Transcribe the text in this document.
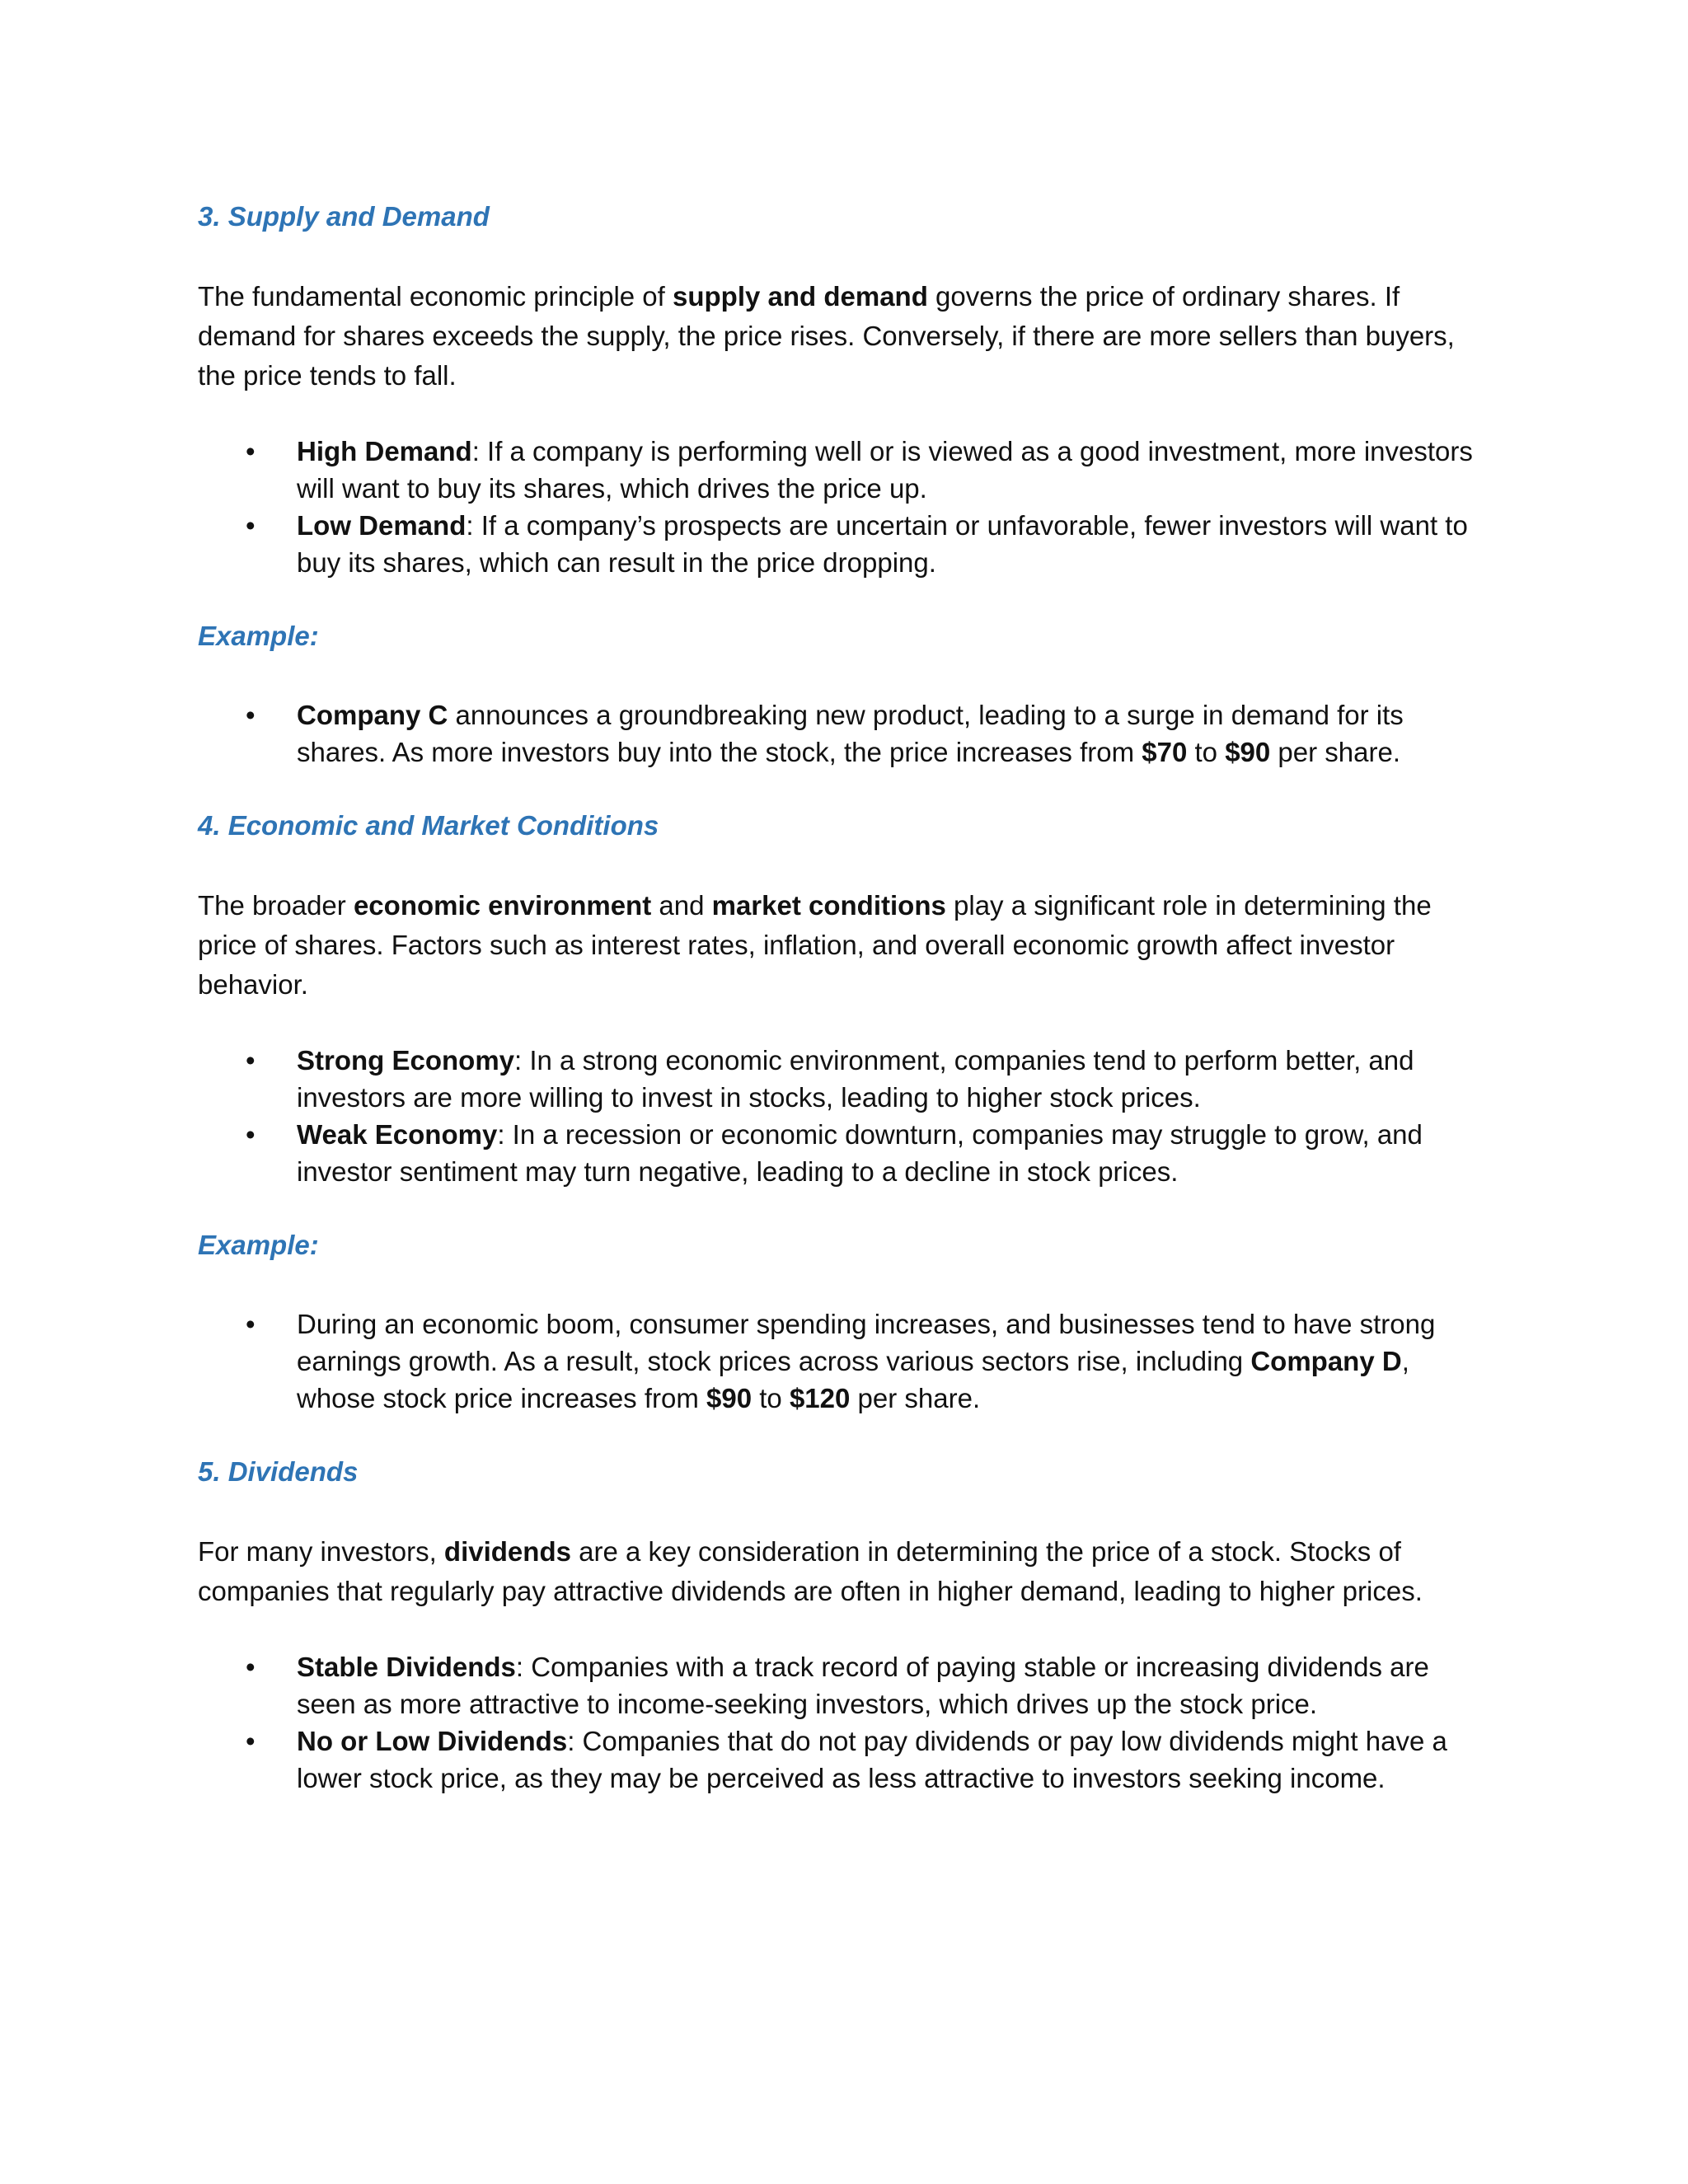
3. Supply and Demand

The fundamental economic principle of supply and demand governs the price of ordinary shares. If demand for shares exceeds the supply, the price rises. Conversely, if there are more sellers than buyers, the price tends to fall.

• High Demand: If a company is performing well or is viewed as a good investment, more investors will want to buy its shares, which drives the price up.
• Low Demand: If a company’s prospects are uncertain or unfavorable, fewer investors will want to buy its shares, which can result in the price dropping.
Example:
• Company C announces a groundbreaking new product, leading to a surge in demand for its shares. As more investors buy into the stock, the price increases from $70 to $90 per share.
4. Economic and Market Conditions

The broader economic environment and market conditions play a significant role in determining the price of shares. Factors such as interest rates, inflation, and overall economic growth affect investor behavior.

• Strong Economy: In a strong economic environment, companies tend to perform better, and investors are more willing to invest in stocks, leading to higher stock prices.
• Weak Economy: In a recession or economic downturn, companies may struggle to grow, and investor sentiment may turn negative, leading to a decline in stock prices.
Example:
• During an economic boom, consumer spending increases, and businesses tend to have strong earnings growth. As a result, stock prices across various sectors rise, including Company D, whose stock price increases from $90 to $120 per share.
5. Dividends

For many investors, dividends are a key consideration in determining the price of a stock. Stocks of companies that regularly pay attractive dividends are often in higher demand, leading to higher prices.

• Stable Dividends: Companies with a track record of paying stable or increasing dividends are seen as more attractive to income-seeking investors, which drives up the stock price.
• No or Low Dividends: Companies that do not pay dividends or pay low dividends might have a lower stock price, as they may be perceived as less attractive to investors seeking income.
